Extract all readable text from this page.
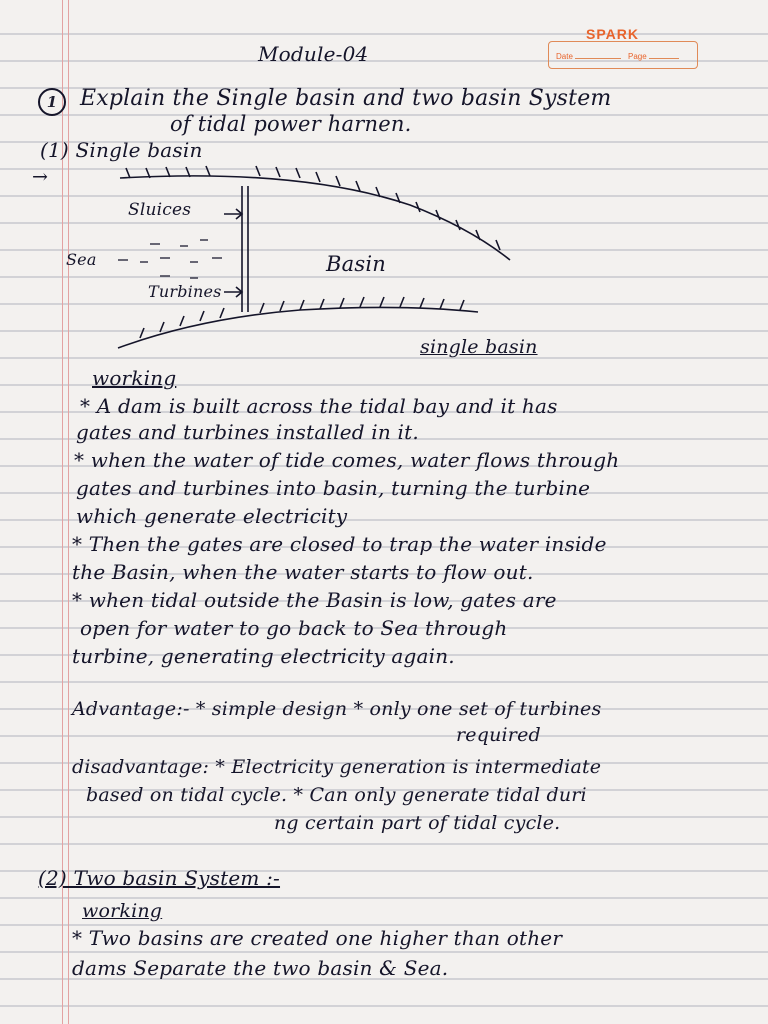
SPARK
Date	Page
Module-04
1	Explain the Single basin and two basin System
of tidal power harnen.
(1) Single basin
→
Sluices
Sea	Basin
Turbines
single basin
working
* A dam is built across the tidal bay and it has
gates and turbines installed in it.
* when the water of tide comes, water flows through
gates and turbines into basin, turning the turbine
which generate electricity
* Then the gates are closed to trap the water inside
the Basin, when the water starts to flow out.
* when tidal outside the Basin is low, gates are
open for water to go back to Sea through
turbine, generating electricity again.
Advantage:- * simple design * only one set of turbines
required
disadvantage: * Electricity generation is intermediate
based on tidal cycle. * Can only generate tidal duri
ng certain part of tidal cycle.
(2) Two basin System :-
working
* Two basins are created one higher than other
dams Separate the two basin & Sea.
